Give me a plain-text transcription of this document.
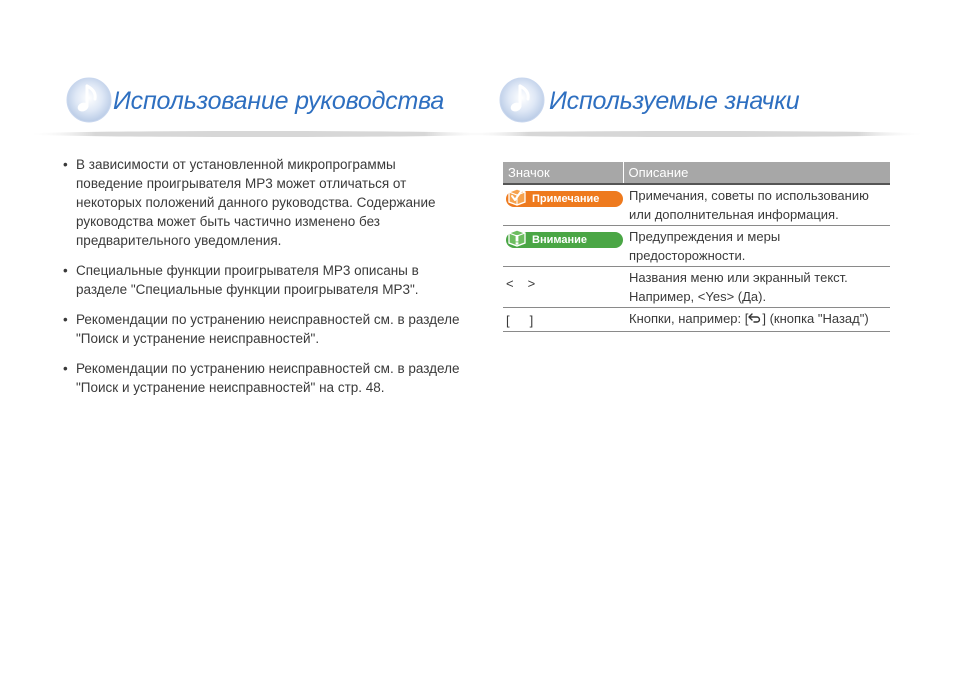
Использование руководства	Используемые значки
• В зависимости от установленной микропрограммы поведение проигрывателя MP3 может отличаться от некоторых положений данного руководства. Содержание руководства может быть частично изменено без предварительного уведомления.
• Специальные функции проигрывателя MP3 описаны в разделе "Специальные функции проигрывателя MP3".
• Рекомендации по устранению неисправностей см. в разделе "Поиск и устранение неисправностей".
• Рекомендации по устранению неисправностей см. в разделе "Поиск и устранение неисправностей" на стр. 48.
Значок	Описание

Примечание	Примечания, советы по использованию или дополнительная информация.

Внимание	Предупреждения и меры предосторожности.
< >	Названия меню или экранный текст. Например, <Yes> (Да).
[ ]	Кнопки, например: [ ] (кнопка "Назад")
